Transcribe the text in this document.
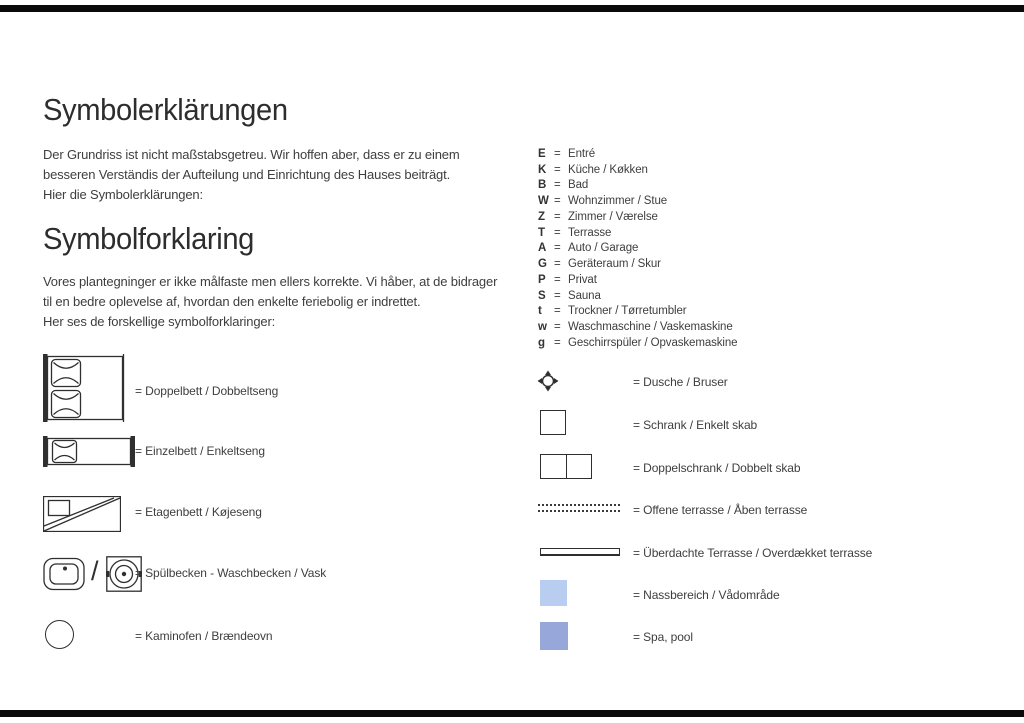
Symbolerklärungen
Der Grundriss ist nicht maßstabsgetreu. Wir hoffen aber, dass er zu einem
besseren Verständis der Aufteilung und Einrichtung des Hauses beiträgt.
Hier die Symbolerklärungen:
Symbolforklaring
Vores plantegninger er ikke målfaste men ellers korrekte. Vi håber, at de bidrager
til en bedre oplevelse af, hvordan den enkelte feriebolig er indrettet.
Her ses de forskellige symbolforklaringer:
= Doppelbett / Dobbeltseng
= Einzelbett / Enkeltseng
= Etagenbett / Køjeseng
/	= Spülbecken - Waschbecken / Vask
= Kaminofen / Brændeovn
E = Entré
K = Küche / Køkken
B = Bad
W = Wohnzimmer / Stue
Z = Zimmer / Værelse
T = Terrasse
A = Auto / Garage
G = Geräteraum / Skur
P = Privat
S = Sauna
t	= Trockner / Tørretumbler
w = Waschmaschine / Vaskemaskine
g = Geschirrspüler / Opvaskemaskine
= Dusche / Bruser
= Schrank / Enkelt skab
= Doppelschrank / Dobbelt skab
= Offene terrasse / Åben terrasse
= Überdachte Terrasse / Overdækket terrasse
= Nassbereich / Vådområde
= Spa, pool
